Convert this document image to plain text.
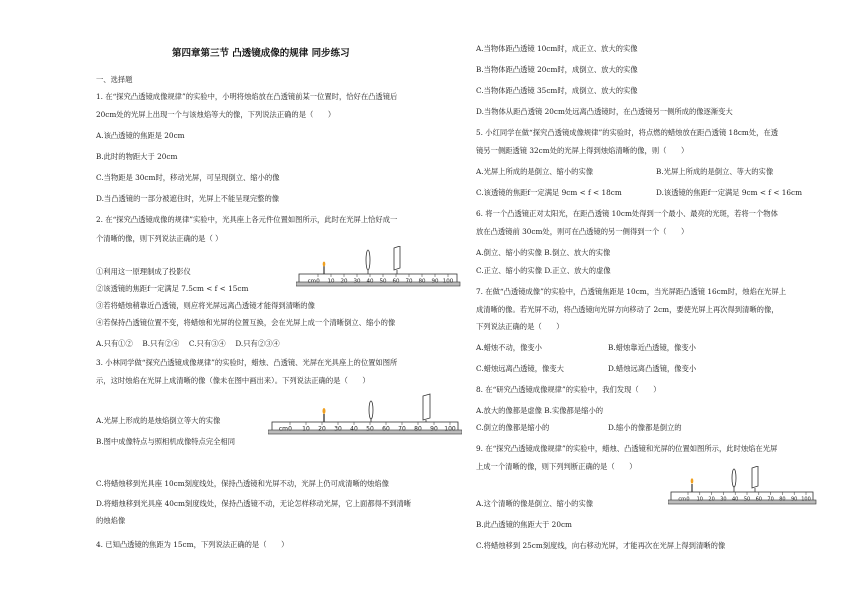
第四章第三节 凸透镜成像的规律 同步练习
一、选择题
1. 在“探究凸透镜成像规律”的实验中，小明将烛焰放在凸透镜前某一位置时，恰好在凸透镜后
20cm处的光屏上出现一个与该烛焰等大的像，下列说法正确的是（　　）
A.该凸透镜的焦距是 20cm
B.此时的物距大于 20cm
C.当物距是 30cm时，移动光屏，可呈现倒立、缩小的像
D.当凸透镜的一部分被遮住时，光屏上不能呈现完整的像
2. 在“探究凸透镜成像的规律”实验中，光具座上各元件位置如图所示，此时在光屏上恰好成一
个清晰的像，则下列说法正确的是（ ）
①利用这一原理制成了投影仪
②该透镜的焦距f一定满足 7.5cm < f < 15cm
③若将蜡烛稍靠近凸透镜，则应将光屏远离凸透镜才能得到清晰的像
④若保持凸透镜位置不变，将蜡烛和光屏的位置互换，会在光屏上成一个清晰倒立、缩小的像
A.只有①②　 B.只有②④　 C.只有③④　 D.只有②③④
3. 小林同学做“探究凸透镜成像规律”的实验时，蜡烛、凸透镜、光屏在光具座上的位置如图所
示，这时烛焰在光屏上成清晰的像（像未在图中画出来）。下列说法正确的是（　　）
A.光屏上形成的是烛焰倒立等大的实像
B.图中成像特点与照相机成像特点完全相同
C.将蜡烛移到光具座 10cm刻度线处，保持凸透镜和光屏不动，光屏上仍可成清晰的烛焰像
D.将蜡烛移到光具座 40cm刻度线处，保持凸透镜不动，无论怎样移动光屏，它上面都得不到清晰
的烛焰像
4. 已知凸透镜的焦距为 15cm，下列说法正确的是（　　）
0 10 20 30 40 50 60 70 80 90 100
cm
0 10 20 30 40 50 60 70 80 90 100
cm
A.当物体距凸透镜 10cm时，成正立、放大的实像
B.当物体距凸透镜 20cm时，成倒立、放大的实像
C.当物体距凸透镜 35cm时，成倒立、放大的实像
D.当物体从距凸透镜 20cm处远离凸透镜时，在凸透镜另一侧所成的像逐渐变大
5. 小红同学在做“探究凸透镜成像规律”的实验时，将点燃的蜡烛放在距凸透镜 18cm处，在透
镜另一侧距透镜 32cm处的光屏上得到烛焰清晰的像，则（　　）
A.光屏上所成的是倒立、缩小的实像	B.光屏上所成的是倒立、等大的实像
C.该透镜的焦距f一定满足 9cm < f < 18cm	D.该透镜的焦距f一定满足 9cm < f < 16cm
6. 将一个凸透镜正对太阳光，在距凸透镜 10cm处得到一个最小、最亮的光斑，若将一个物体
放在凸透镜前 30cm处，则可在凸透镜的另一侧得到一个（　　）
A.倒立、缩小的实像 B.倒立、放大的实像
C.正立、缩小的实像 D.正立、放大的虚像
7. 在做“凸透镜成像”的实验中，凸透镜焦距是 10cm，当光屏距凸透镜 16cm时，烛焰在光屏上
成清晰的像。若光屏不动，将凸透镜向光屏方向移动了 2cm，要使光屏上再次得到清晰的像，
下列说法正确的是（　　）
A.蜡烛不动，像变小	B.蜡烛靠近凸透镜，像变小
C.蜡烛远离凸透镜，像变大	D.蜡烛远离凸透镜，像变小
8. 在“研究凸透镜成像规律”的实验中，我们发现（　　）
A.放大的像都是虚像 B.实像都是缩小的
C.倒立的像都是缩小的	D.缩小的像都是倒立的
9. 在“探究凸透镜成像规律”的实验中，蜡烛、凸透镜和光屏的位置如图所示，此时烛焰在光屏
上成一个清晰的像，则下列判断正确的是（　　）
A.这个清晰的像是倒立、缩小的实像
B.此凸透镜的焦距大于 20cm
C.将蜡烛移到 25cm刻度线，向右移动光屏，才能再次在光屏上得到清晰的像
0 10 20 30 40 50 60 70 80 90 100
cm
